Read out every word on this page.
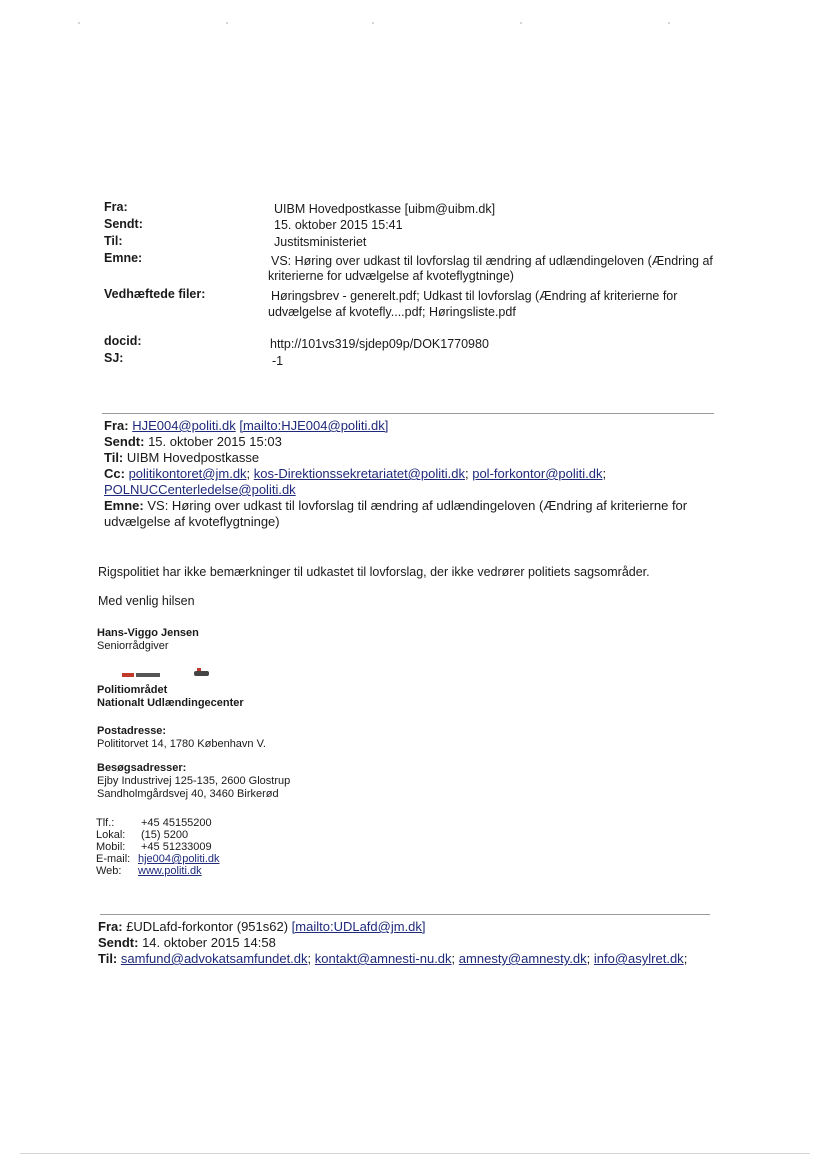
Fra:	UIBM Hovedpostkasse [uibm@uibm.dk]
Sendt:	15. oktober 2015 15:41
Til:	Justitsministeriet
Emne:	VS: Høring over udkast til lovforslag til ændring af udlændingeloven (Ændring af
kriterierne for udvælgelse af kvoteflygtninge)
Vedhæftede filer:	Høringsbrev - generelt.pdf; Udkast til lovforslag (Ændring af kriterierne for
udvælgelse af kvotefly....pdf; Høringsliste.pdf
docid:	http://101vs319/sjdep09p/DOK1770980
SJ:	-1
Fra: HJE004@politi.dk [mailto:HJE004@politi.dk]
Sendt: 15. oktober 2015 15:03
Til: UIBM Hovedpostkasse
Cc: politikontoret@jm.dk; kos-Direktionssekretariatet@politi.dk; pol-forkontor@politi.dk;
POLNUCCenterledelse@politi.dk
Emne: VS: Høring over udkast til lovforslag til ændring af udlændingeloven (Ændring af kriterierne for
udvælgelse af kvoteflygtninge)
Rigspolitiet har ikke bemærkninger til udkastet til lovforslag, der ikke vedrører politiets sagsområder.
Med venlig hilsen
Hans-Viggo Jensen
Seniorrådgiver
Politiområdet
Nationalt Udlændingecenter
Postadresse:
Polititorvet 14, 1780 København V.
Besøgsadresser:
Ejby Industrivej 125-135, 2600 Glostrup
Sandholmgårdsvej 40, 3460 Birkerød
Tlf.: +45 45155200
Lokal: (15) 5200
Mobil: +45 51233009
E-mail: hje004@politi.dk
Web: www.politi.dk
Fra: £UDLafd-forkontor (951s62) [mailto:UDLafd@jm.dk]
Sendt: 14. oktober 2015 14:58
Til: samfund@advokatsamfundet.dk; kontakt@amnesti-nu.dk; amnesty@amnesty.dk; info@asylret.dk;
